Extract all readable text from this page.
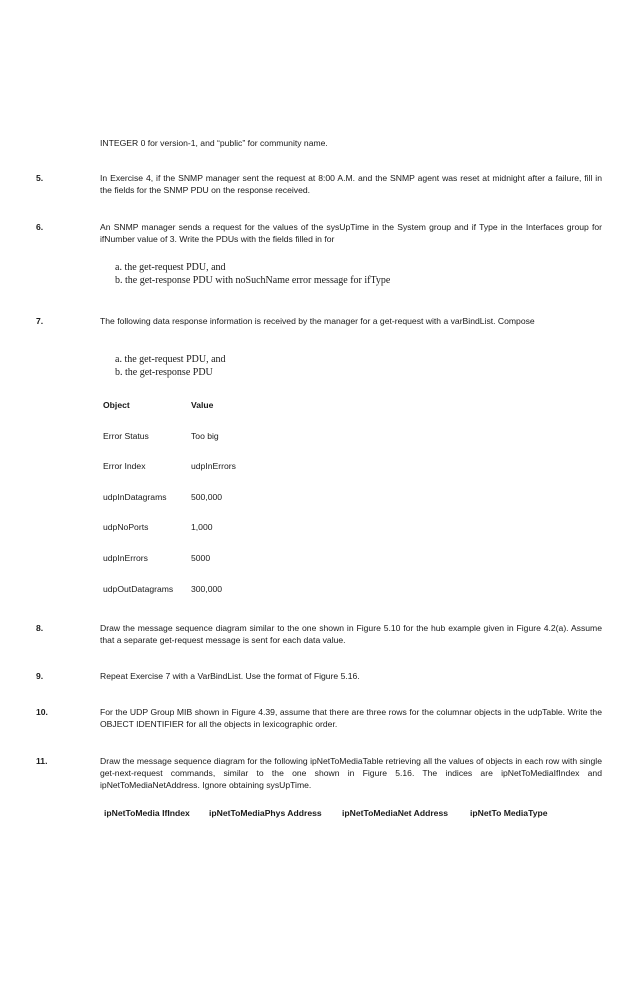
INTEGER 0 for version-1, and “public” for community name.
5.	In Exercise 4, if the SNMP manager sent the request at 8:00 A.M. and the SNMP agent was reset at midnight after a failure, fill in the fields for the SNMP PDU on the response received.
6.	An SNMP manager sends a request for the values of the sysUpTime in the System group and if Type in the Interfaces group for ifNumber value of 3. Write the PDUs with the fields filled in for
a. the get-request PDU, and
b. the get-response PDU with noSuchName error message for ifType
7.	The following data response information is received by the manager for a get-request with a varBindList. Compose
a. the get-request PDU, and
b. the get-response PDU
Object	Value
Error Status	Too big
Error Index	udpInErrors
udpInDatagrams	500,000
udpNoPorts	1,000
udpInErrors	5000
udpOutDatagrams 300,000
8.	Draw the message sequence diagram similar to the one shown in Figure 5.10 for the hub example given in Figure 4.2(a). Assume that a separate get-request message is sent for each data value.
9.	Repeat Exercise 7 with a VarBindList. Use the format of Figure 5.16.
10.	For the UDP Group MIB shown in Figure 4.39, assume that there are three rows for the columnar objects in the udpTable. Write the OBJECT IDENTIFIER for all the objects in lexicographic order.
11.	Draw the message sequence diagram for the following ipNetToMediaTable retrieving all the values of objects in each row with single get-next-request commands, similar to the one shown in Figure 5.16. The indices are ipNetToMediaIfIndex and ipNetToMediaNetAddress. Ignore obtaining sysUpTime.
ipNetToMedia IfIndex ipNetToMediaPhys Address ipNetToMediaNet Address	ipNetTo MediaType
